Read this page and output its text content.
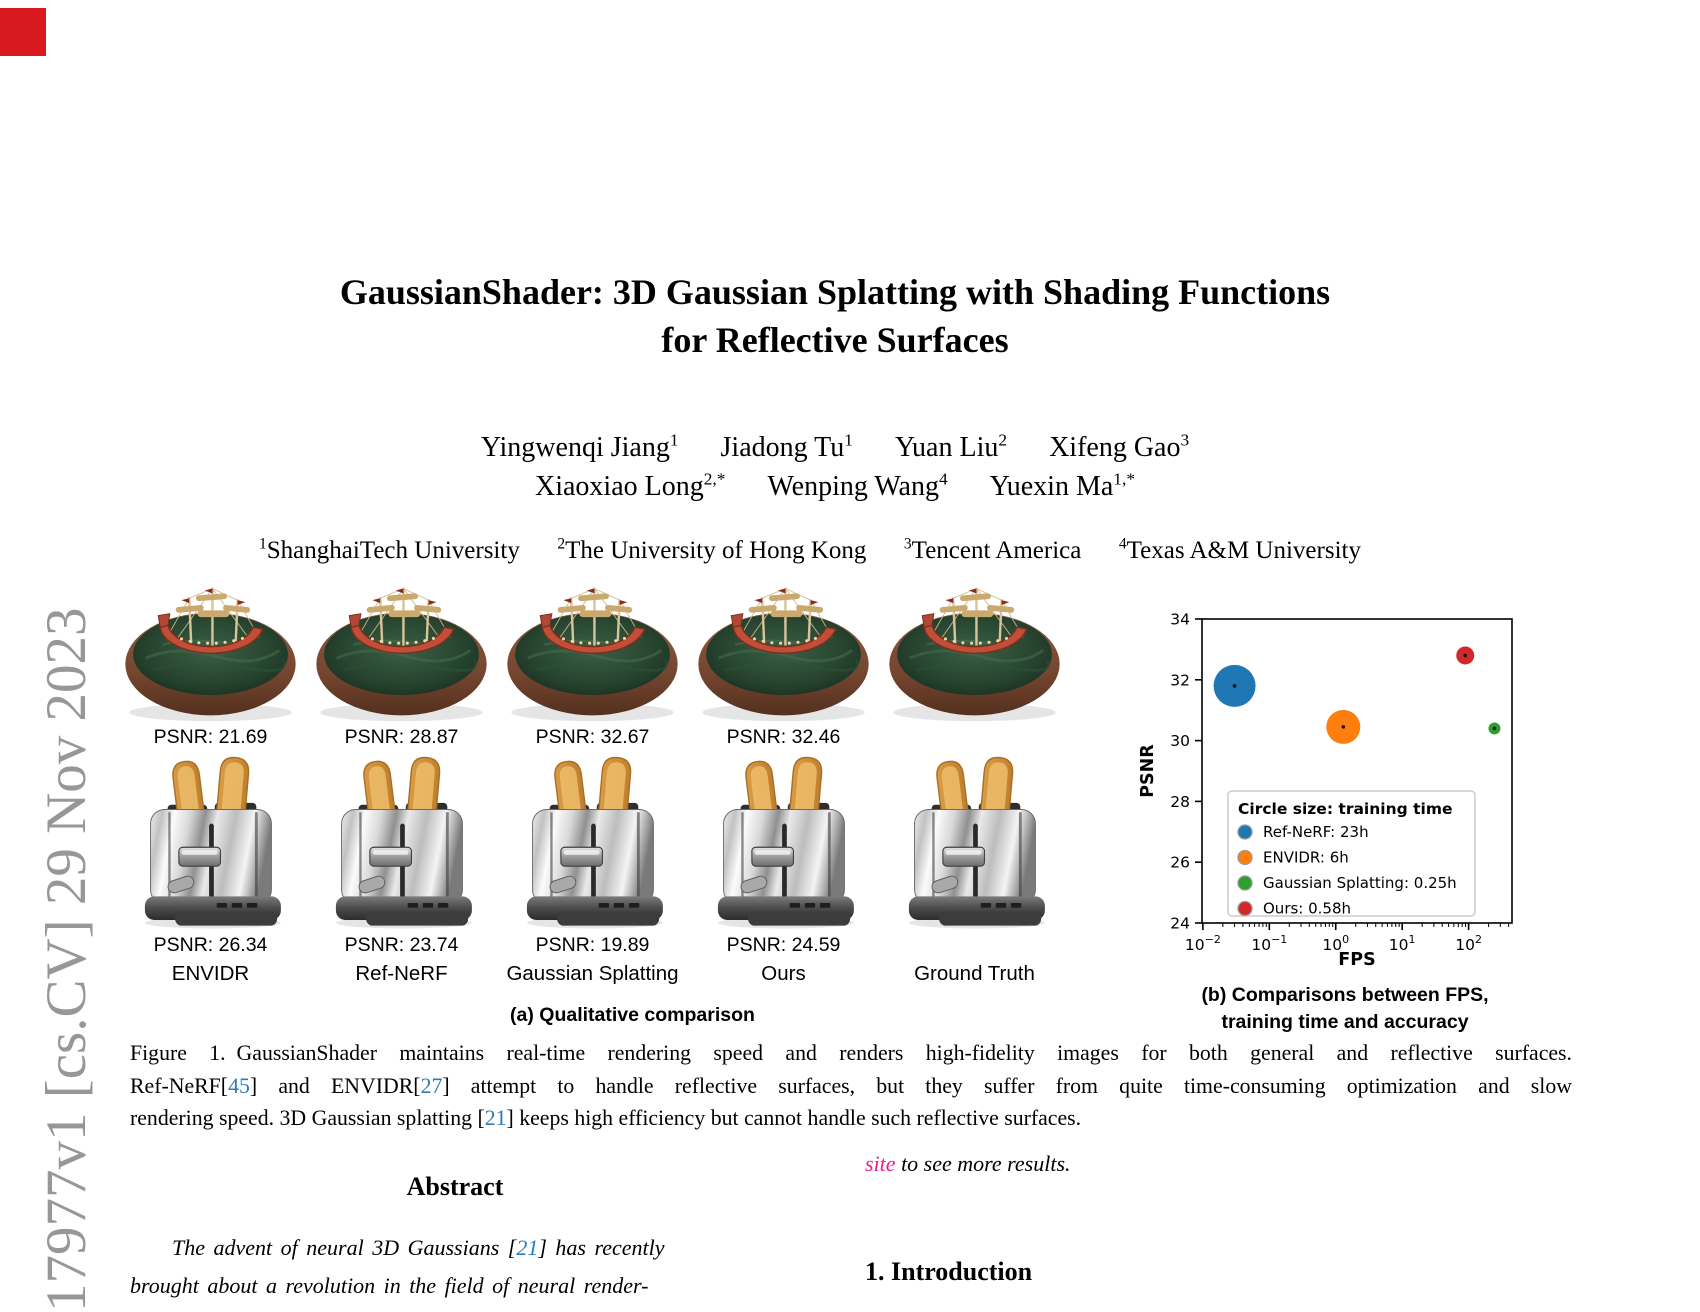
17977v1 [cs.CV] 29 Nov 2023
GaussianShader: 3D Gaussian Splatting with Shading Functions
for Reflective Surfaces
Yingwenqi Jiang$^1$  Jiadong Tu$^1$  Yuan Liu$^2$  Xifeng Gao$^3$
Xiaoxiao Long$^{2,*}$  Wenping Wang$^4$  Yuexin $Ma^{1,*}$
$^1$ShanghaiTech University  $^2$The University of Hong Kong  $^3$Tencent America  $^4$Texas A&M University
PSNR: 21.69
PSNR: 26.34
ENVIDR
PSNR: 28.87
PSNR: 23.74
Ref-NeRF
PSNR: 32.67
PSNR: 19.89
Gaussian Splatting
PSNR: 32.46
PSNR: 24.59
Ours

	Ground Truth
(a) Qualitative comparison
24
26
28
30
32
34
$10^{-2}$ $10^{-1}$ $10^0$	$10^1$	$10^2$
PSNR
FPS
Circle size: training time
Ref-NeRF: 23h
ENVIDR: 6h
Gaussian Splatting: 0.25h
Ours: 0.58h
(b) Comparisons between FPS,
training time and accuracy
Figure 1. GaussianShader maintains real-time rendering speed and renders high-fidelity images for both general and reflective surfaces.
Ref-NeRF[45] and ENVIDR[27] attempt to handle reflective surfaces, but they suffer from quite time-consuming optimization and slow
rendering speed. 3D Gaussian splatting [21] keeps high efficiency but cannot handle such reflective surfaces.
Abstract
The advent of neural 3D Gaussians [21] has recently
brought about a revolution in the field of neural render-
site to see more results.
1. Introduction
